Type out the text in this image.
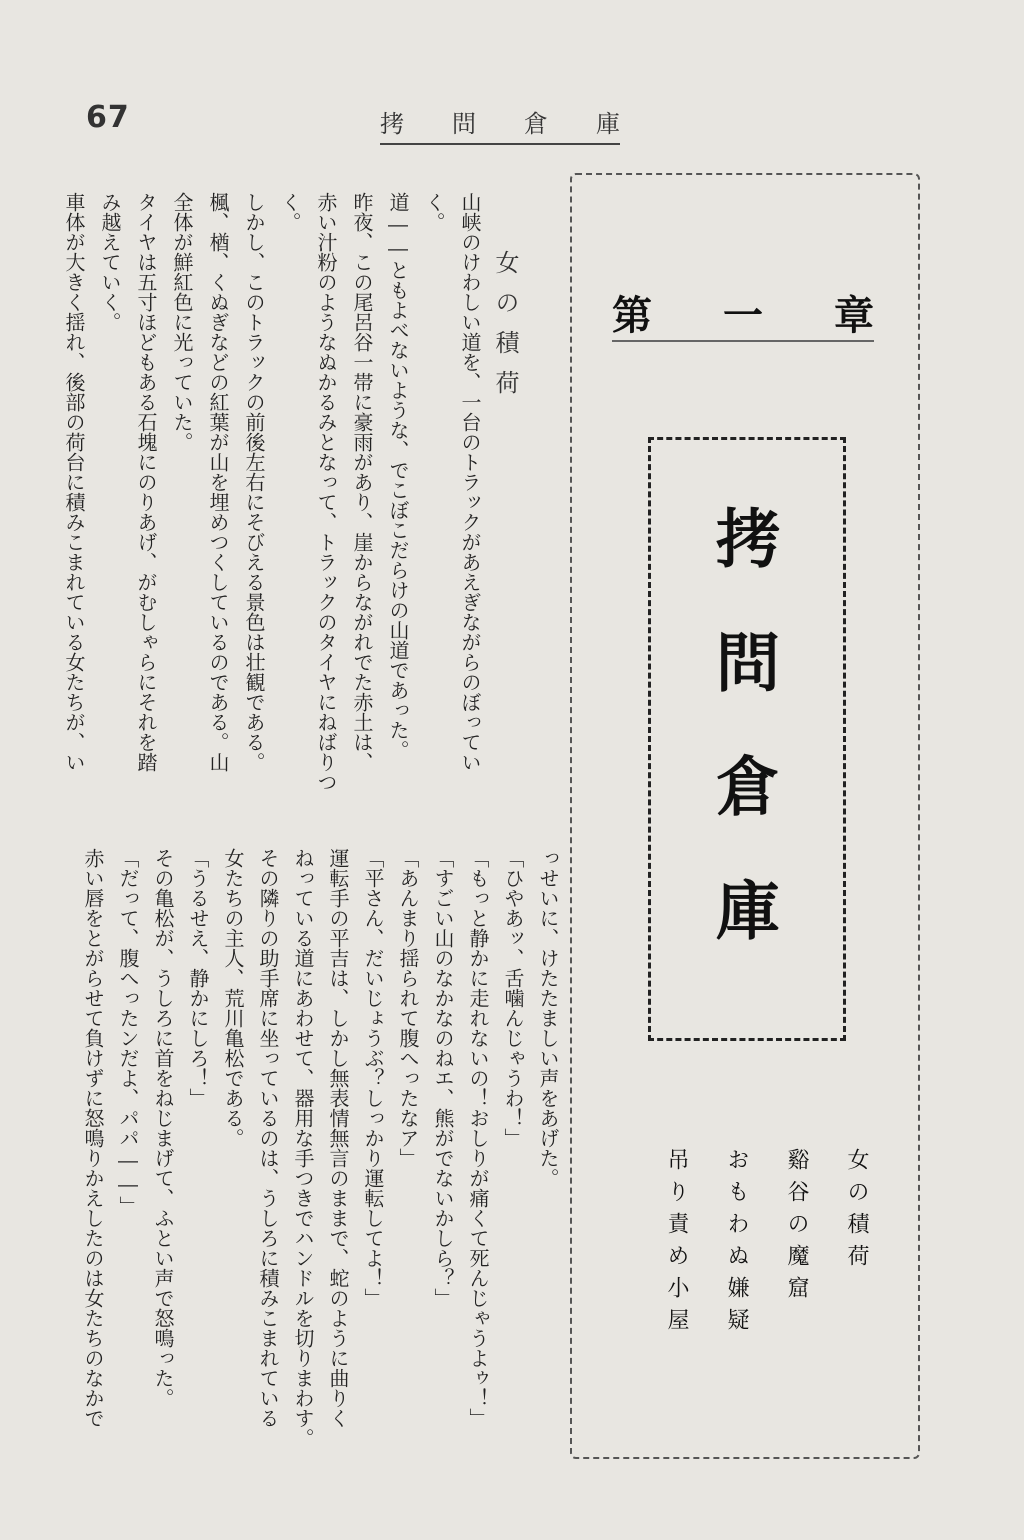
67	拷 問 倉 庫
女の積荷
山峡のけわしい道を、一台のトラックがあえぎながらのぼってい
く。
道――ともよべないような、でこぼこだらけの山道であった。
昨夜、この尾呂谷一帯に豪雨があり、崖からながれでた赤土は、
赤い汁粉のようなぬかるみとなって、トラックのタイヤにねばりつ
く。
しかし、このトラックの前後左右にそびえる景色は壮観である。
楓、楢、くぬぎなどの紅葉が山を埋めつくしているのである。山
全体が鮮紅色に光っていた。
タイヤは五寸ほどもある石塊にのりあげ、がむしゃらにそれを踏
み越えていく。
車体が大きく揺れ、後部の荷台に積みこまれている女たちが、い
っせいに、けたたましい声をあげた。
「ひやあッ、舌噛んじゃうわ！」
「もっと静かに走れないの！おしりが痛くて死んじゃうよゥ！」
「すごい山のなかなのねエ、熊がでないかしら？」
「あんまり揺られて腹へったなア」
「平さん、だいじょうぶ？しっかり運転してよ！」
運転手の平吉は、しかし無表情無言のままで、蛇のように曲りく
ねっている道にあわせて、器用な手つきでハンドルを切りまわす。
その隣りの助手席に坐っているのは、うしろに積みこまれている
女たちの主人、荒川亀松である。
「うるせえ、静かにしろ！」
その亀松が、うしろに首をねじまげて、ふとい声で怒鳴った。
「だって、腹へったンだよ、パパ――」
赤い唇をとがらせて負けずに怒鳴りかえしたのは女たちのなかで
第 一 章
拷問倉庫
女の積荷
谿谷の魔窟
おもわぬ嫌疑
吊り責め小屋
